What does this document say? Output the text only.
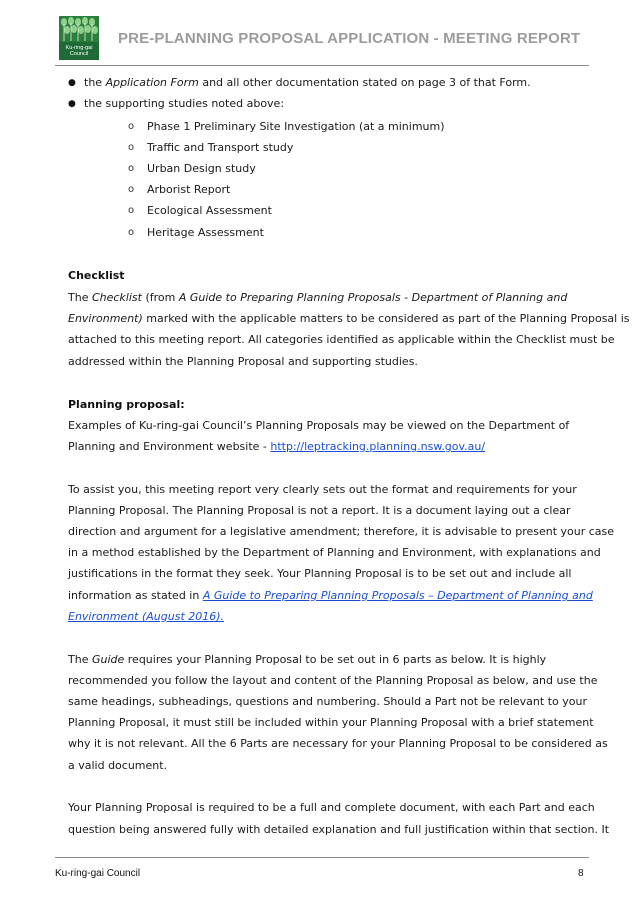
Ku-ring-gai
Council
PRE-PLANNING PROPOSAL APPLICATION - MEETING REPORT
● the Application Form and all other documentation stated on page 3 of that Form.
● the supporting studies noted above:
o Phase 1 Preliminary Site Investigation (at a minimum)
o Traffic and Transport study
o Urban Design study
o Arborist Report
o Ecological Assessment
o Heritage Assessment
Checklist
The Checklist (from A Guide to Preparing Planning Proposals - Department of Planning and
Environment) marked with the applicable matters to be considered as part of the Planning Proposal is
attached to this meeting report. All categories identified as applicable within the Checklist must be
addressed within the Planning Proposal and supporting studies.
Planning proposal:
Examples of Ku-ring-gai Council’s Planning Proposals may be viewed on the Department of
Planning and Environment website - http://leptracking.planning.nsw.gov.au/
To assist you, this meeting report very clearly sets out the format and requirements for your
Planning Proposal. The Planning Proposal is not a report. It is a document laying out a clear
direction and argument for a legislative amendment; therefore, it is advisable to present your case
in a method established by the Department of Planning and Environment, with explanations and
justifications in the format they seek. Your Planning Proposal is to be set out and include all
information as stated in A Guide to Preparing Planning Proposals – Department of Planning and
Environment (August 2016).
The Guide requires your Planning Proposal to be set out in 6 parts as below. It is highly
recommended you follow the layout and content of the Planning Proposal as below, and use the
same headings, subheadings, questions and numbering. Should a Part not be relevant to your
Planning Proposal, it must still be included within your Planning Proposal with a brief statement
why it is not relevant. All the 6 Parts are necessary for your Planning Proposal to be considered as
a valid document.
Your Planning Proposal is required to be a full and complete document, with each Part and each
question being answered fully with detailed explanation and full justification within that section. It
Ku-ring-gai Council	8
